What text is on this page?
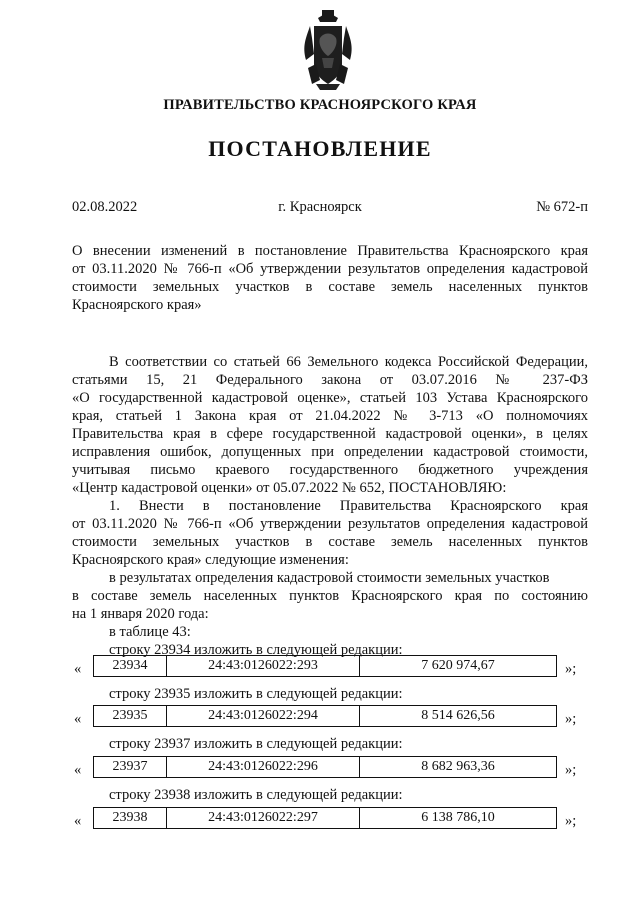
ПРАВИТЕЛЬСТВО КРАСНОЯРСКОГО КРАЯ
ПОСТАНОВЛЕНИЕ
02.08.2022	г. Красноярск	№ 672-п
О внесении изменений в постановление Правительства Красноярского края
от 03.11.2020 № 766-п «Об утверждении результатов определения кадастровой
стоимости земельных участков в составе земель населенных пунктов
Красноярского края»
В соответствии со статьей 66 Земельного кодекса Российской Федерации,
статьями 15, 21 Федерального закона от 03.07.2016 № 237-ФЗ
«О государственной кадастровой оценке», статьей 103 Устава Красноярского
края, статьей 1 Закона края от 21.04.2022 № 3-713 «О полномочиях
Правительства края в сфере государственной кадастровой оценки», в целях
исправления ошибок, допущенных при определении кадастровой стоимости,
учитывая письмо краевого государственного бюджетного учреждения
«Центр кадастровой оценки» от 05.07.2022 № 652, ПОСТАНОВЛЯЮ:
1. Внести в постановление Правительства Красноярского края
от 03.11.2020 № 766-п «Об утверждении результатов определения кадастровой
стоимости земельных участков в составе земель населенных пунктов
Красноярского края» следующие изменения:
в результатах определения кадастровой стоимости земельных участков
в составе земель населенных пунктов Красноярского края по состоянию
на 1 января 2020 года:
в таблице 43:
строку 23934 изложить в следующей редакции:
«	23934	24:43:0126022:293	7 620 974,67	»;
строку 23935 изложить в следующей редакции:
«	23935	24:43:0126022:294	8 514 626,56	»;
строку 23937 изложить в следующей редакции:
«	23937	24:43:0126022:296	8 682 963,36	»;
строку 23938 изложить в следующей редакции:
«	23938	24:43:0126022:297	6 138 786,10	»;
